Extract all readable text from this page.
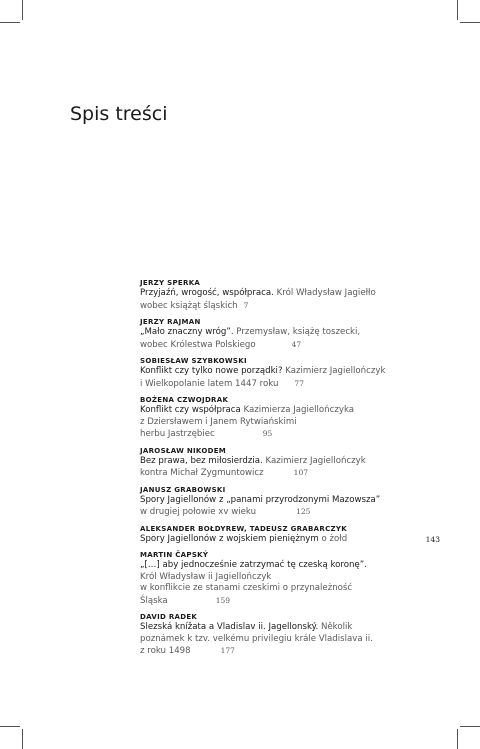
Spis treści
JERZY SPERKA
Przyjaźń, wrogość, współpraca. Król Władysław Jagiełło
wobec książąt śląskich 7
JERZY RAJMAN
„Mało znaczny wróg”. Przemysław, książę toszecki,
wobec Królestwa Polskiego	47
SOBIESŁAW SZYBKOWSKI
Konflikt czy tylko nowe porządki? Kazimierz Jagiellończyk
i Wielkopolanie latem 1447 roku 77
BOŻENA CZWOJDRAK
Konflikt czy współpraca Kazimierza Jagiellończyka
z Dziersławem i Janem Rytwiańskimi
herbu Jastrzębiec	95
JAROSŁAW NIKODEM
Bez prawa, bez miłosierdzia. Kazimierz Jagiellończyk
kontra Michał Zygmuntowicz	107
JANUSZ GRABOWSKI
Spory Jagiellonów z „panami przyrodzonymi Mazowsza”
w drugiej połowie xv wieku	125
ALEKSANDER BOŁDYREW, TADEUSZ GRABARCZYK
Spory Jagiellonów z wojskiem pieniężnym o żołd	143
MARTIN ČAPSKÝ
„[…] aby jednocześnie zatrzymać tę czeską koronę”.
Król Władysław ii Jagiellończyk
w konflikcie ze stanami czeskimi o przynależność
Śląska	159
DAVID RADEK
Slezská knížata a Vladislav ii. Jagellonský. Několik
poznámek k tzv. velkému privilegiu krále Vladislava ii.
z roku 1498	177
